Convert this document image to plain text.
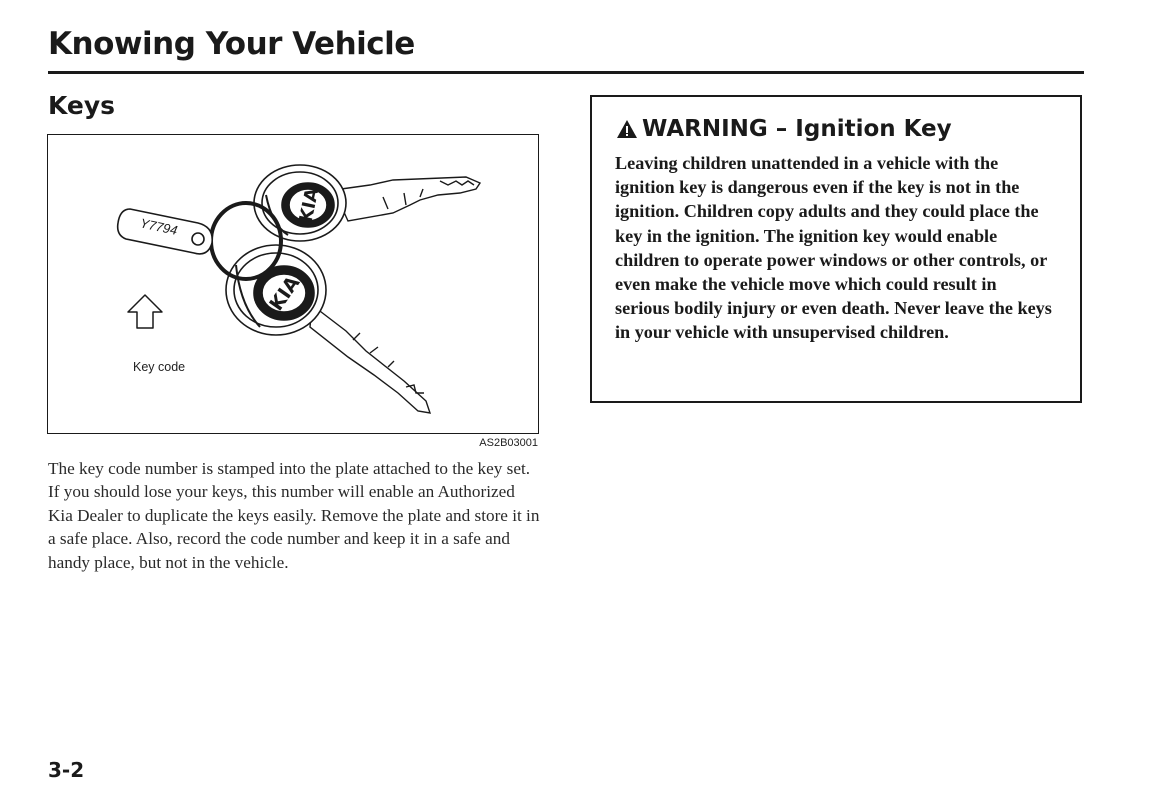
Knowing Your Vehicle
Keys
Y7794
KIA
KIA
Key code
AS2B03001
The key code number is stamped into the plate attached to the key set. If you should lose your keys, this number will enable an Authorized Kia Dealer to duplicate the keys easily. Remove the plate and store it in a safe place. Also, record the code number and keep it in a safe and handy place, but not in the vehicle.
WARNING – Ignition Key
Leaving children unattended in a vehicle with the ignition key is dangerous even if the key is not in the ignition. Children copy adults and they could place the key in the ignition. The ignition key would enable children to operate power windows or other controls, or even make the vehicle move which could result in serious bodily injury or even death. Never leave the keys in your vehicle with unsupervised children.
3-2
